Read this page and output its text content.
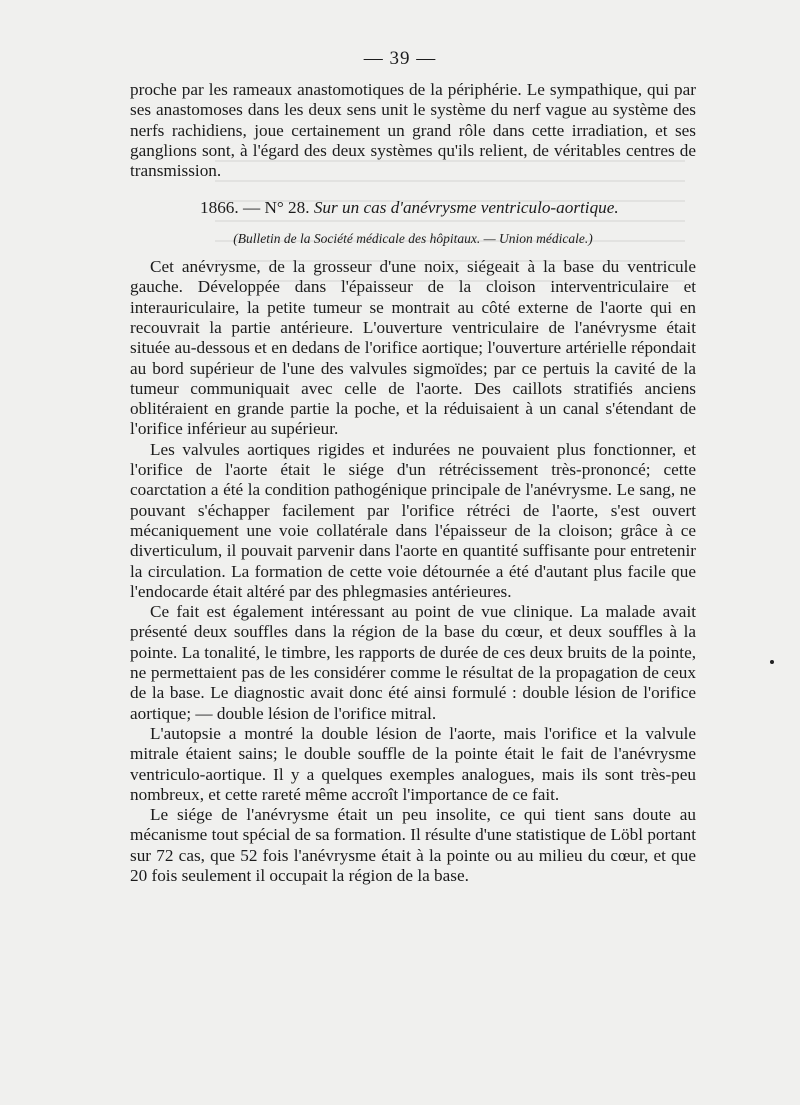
— 39 —

proche par les rameaux anastomotiques de la périphérie. Le sympathique, qui par ses anastomoses dans les deux sens unit le système du nerf vague au système des nerfs rachidiens, joue certainement un grand rôle dans cette irradiation, et ses ganglions sont, à l'égard des deux systèmes qu'ils relient, de véritables centres de transmission.

1866. — N° 28. Sur un cas d'anévrysme ventriculo-aortique.
(Bulletin de la Société médicale des hôpitaux. — Union médicale.)

Cet anévrysme, de la grosseur d'une noix, siégeait à la base du ventricule gauche. Développée dans l'épaisseur de la cloison interventriculaire et interauriculaire, la petite tumeur se montrait au côté externe de l'aorte qui en recouvrait la partie antérieure. L'ouverture ventriculaire de l'anévrysme était située au-dessous et en dedans de l'orifice aortique; l'ouverture artérielle répondait au bord supérieur de l'une des valvules sigmoïdes; par ce pertuis la cavité de la tumeur communiquait avec celle de l'aorte. Des caillots stratifiés anciens oblitéraient en grande partie la poche, et la réduisaient à un canal s'étendant de l'orifice inférieur au supérieur.

Les valvules aortiques rigides et indurées ne pouvaient plus fonctionner, et l'orifice de l'aorte était le siége d'un rétrécissement très-prononcé; cette coarctation a été la condition pathogénique principale de l'anévrysme. Le sang, ne pouvant s'échapper facilement par l'orifice rétréci de l'aorte, s'est ouvert mécaniquement une voie collatérale dans l'épaisseur de la cloison; grâce à ce diverticulum, il pouvait parvenir dans l'aorte en quantité suffisante pour entretenir la circulation. La formation de cette voie détournée a été d'autant plus facile que l'endocarde était altéré par des phlegmasies antérieures.

Ce fait est également intéressant au point de vue clinique. La malade avait présenté deux souffles dans la région de la base du cœur, et deux souffles à la pointe. La tonalité, le timbre, les rapports de durée de ces deux bruits de la pointe, ne permettaient pas de les considérer comme le résultat de la propagation de ceux de la base. Le diagnostic avait donc été ainsi formulé : double lésion de l'orifice aortique; — double lésion de l'orifice mitral.

L'autopsie a montré la double lésion de l'aorte, mais l'orifice et la valvule mitrale étaient sains; le double souffle de la pointe était le fait de l'anévrysme ventriculo-aortique. Il y a quelques exemples analogues, mais ils sont très-peu nombreux, et cette rareté même accroît l'importance de ce fait.

Le siége de l'anévrysme était un peu insolite, ce qui tient sans doute au mécanisme tout spécial de sa formation. Il résulte d'une statistique de Löbl portant sur 72 cas, que 52 fois l'anévrysme était à la pointe ou au milieu du cœur, et que 20 fois seulement il occupait la région de la base.
